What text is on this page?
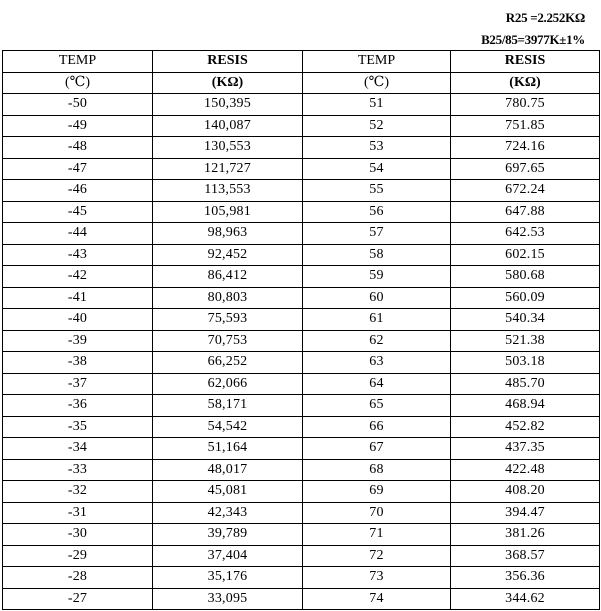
R25 =2.252KΩ
B25/85=3977K±1%
TEMP	RESIS	TEMP	RESIS
(℃)	(KΩ)	(℃)	(KΩ)
-50	150,395	51	780.75
-49	140,087	52	751.85
-48	130,553	53	724.16
-47	121,727	54	697.65
-46	113,553	55	672.24
-45	105,981	56	647.88
-44	98,963	57	642.53
-43	92,452	58	602.15
-42	86,412	59	580.68
-41	80,803	60	560.09
-40	75,593	61	540.34
-39	70,753	62	521.38
-38	66,252	63	503.18
-37	62,066	64	485.70
-36	58,171	65	468.94
-35	54,542	66	452.82
-34	51,164	67	437.35
-33	48,017	68	422.48
-32	45,081	69	408.20
-31	42,343	70	394.47
-30	39,789	71	381.26
-29	37,404	72	368.57
-28	35,176	73	356.36
-27	33,095	74	344.62
